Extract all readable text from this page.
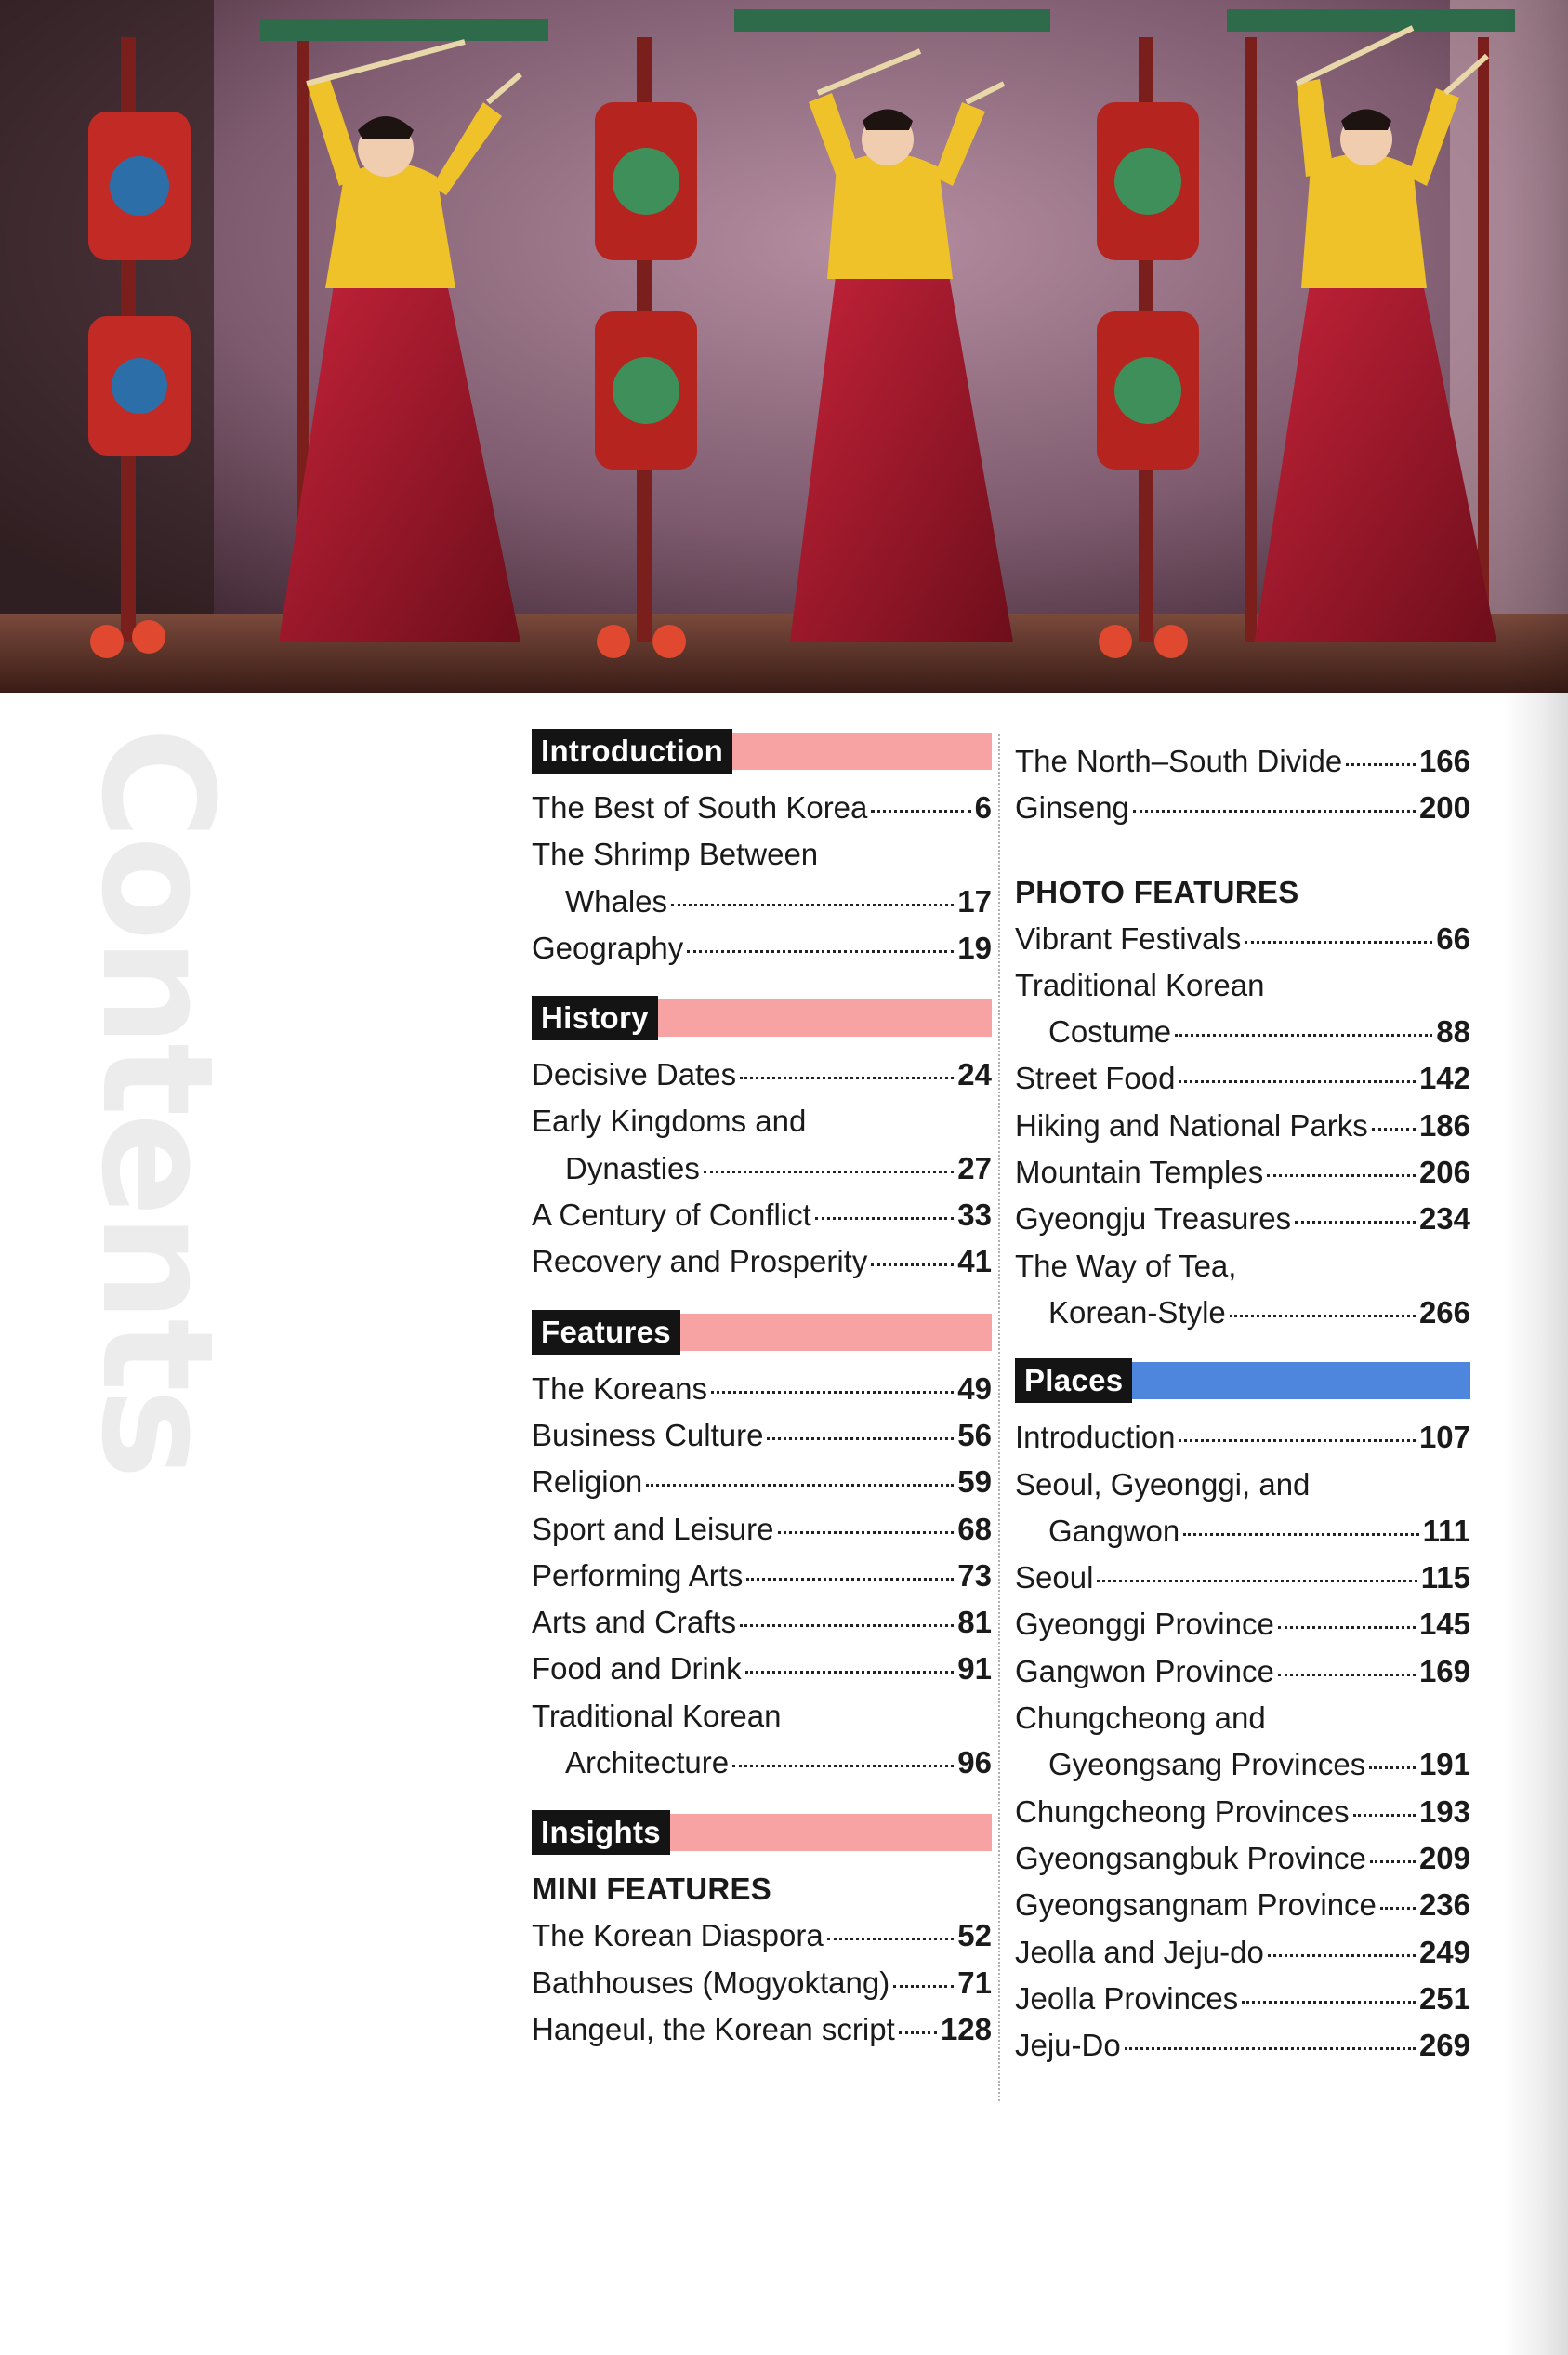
Contents	Introduction
The Best of South Korea	6
The Shrimp Between
Whales	17
Geography	19
History
Decisive Dates	24
Early Kingdoms and
Dynasties	27
A Century of Conflict	33
Recovery and Prosperity	41
Features
The Koreans	49
Business Culture	56
Religion	59
Sport and Leisure	68
Performing Arts	73
Arts and Crafts	81
Food and Drink	91
Traditional Korean
Architecture	96
Insights
MINI FEATURES
The Korean Diaspora	52
Bathhouses (Mogyoktang) 71
Hangeul, the Korean script 128
The North–South Divide	166
Ginseng	200
PHOTO FEATURES
Vibrant Festivals	66
Traditional Korean
Costume	88
Street Food	142
Hiking and National Parks 186
Mountain Temples	206
Gyeongju Treasures	234
The Way of Tea,
Korean-Style	266
Places
Introduction	107
Seoul, Gyeonggi, and
Gangwon	111
Seoul	115
Gyeonggi Province	145
Gangwon Province	169
Chungcheong and
Gyeongsang Provinces 191
Chungcheong Provinces 193
Gyeongsangbuk Province 209
Gyeongsangnam Province 236
Jeolla and Jeju-do	249
Jeolla Provinces	251
Jeju-Do	269
